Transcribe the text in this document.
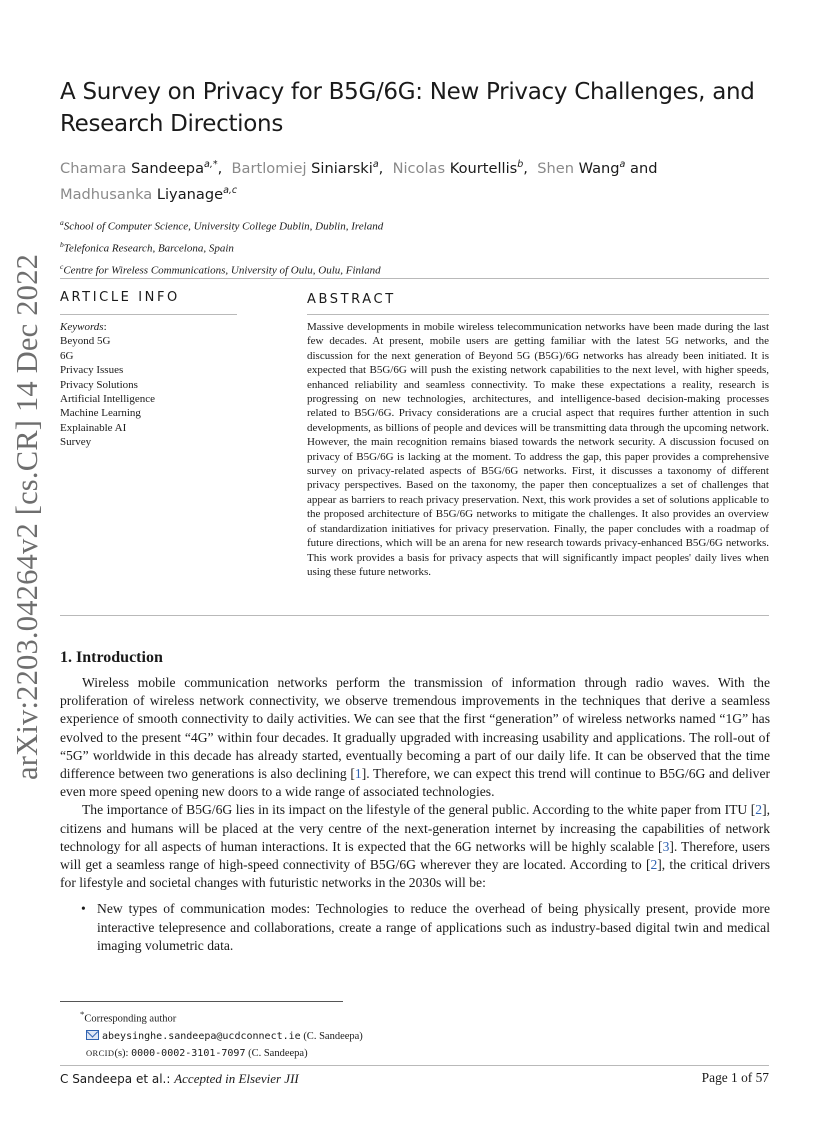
arXiv:2203.04264v2 [cs.CR] 14 Dec 2022
A Survey on Privacy for B5G/6G: New Privacy Challenges, and Research Directions
Chamara Sandeepa$^{a,*}$,  Bartlomiej Siniarski$^a$,  Nicolas Kourtellis$^b$,  Shen Wang$^a$ and
Madhusanka Liyanage$^{a,c}$
$^a$School of Computer Science, University College Dublin, Dublin, Ireland
$^b$Telefonica Research, Barcelona, Spain
$^c$Centre for Wireless Communications, University of Oulu, Oulu, Finland
ARTICLE INFO
Keywords:
Beyond 5G
6G
Privacy Issues
Privacy Solutions
Artificial Intelligence
Machine Learning
Explainable AI
Survey
ABSTRACT
Massive developments in mobile wireless telecommunication networks have been made during the last few decades. At present, mobile users are getting familiar with the latest 5G networks, and the discussion for the next generation of Beyond 5G (B5G)/6G networks has already been initiated. It is expected that B5G/6G will push the existing network capabilities to the next level, with higher speeds, enhanced reliability and seamless connectivity. To make these expectations a reality, research is progressing on new technologies, architectures, and intelligence-based decision-making processes related to B5G/6G. Privacy considerations are a crucial aspect that requires further attention in such developments, as billions of people and devices will be transmitting data through the upcoming network. However, the main recognition remains biased towards the network security. A discussion focused on privacy of B5G/6G is lacking at the moment. To address the gap, this paper provides a comprehensive survey on privacy-related aspects of B5G/6G networks. First, it discusses a taxonomy of different privacy perspectives. Based on the taxonomy, the paper then conceptualizes a set of challenges that appear as barriers to reach privacy preservation. Next, this work provides a set of solutions applicable to the proposed architecture of B5G/6G networks to mitigate the challenges. It also provides an overview of standardization initiatives for privacy preservation. Finally, the paper concludes with a roadmap of future directions, which will be an arena for new research towards privacy-enhanced B5G/6G networks. This work provides a basis for privacy aspects that will significantly impact peoples' daily lives when using these future networks.
1. Introduction

Wireless mobile communication networks perform the transmission of information through radio waves. With the proliferation of wireless network connectivity, we observe tremendous improvements in the techniques that derive a seamless experience of smooth connectivity to daily activities. We can see that the first “generation” of wireless networks named “1G” has evolved to the present “4G” within four decades. It gradually upgraded with increasing usability and applications. The roll-out of “5G” worldwide in this decade has already started, eventually becoming a part of our daily life. It can be observed that the time difference between two generations is also declining [1]. Therefore, we can expect this trend will continue to B5G/6G and deliver even more speed opening new doors to a wide range of associated technologies.

The importance of B5G/6G lies in its impact on the lifestyle of the general public. According to the white paper from ITU [2], citizens and humans will be placed at the very centre of the next-generation internet by increasing the capabilities of network technology for all aspects of human interactions. It is expected that the 6G networks will be highly scalable [3]. Therefore, users will get a seamless range of high-speed connectivity of B5G/6G wherever they are located. According to [2], the critical drivers for lifestyle and societal changes with futuristic networks in the 2030s will be:

• New types of communication modes: Technologies to reduce the overhead of being physically present, provide more interactive telepresence and collaborations, create a range of applications such as industry-based digital twin and medical imaging volumetric data.
*Corresponding author
abeysinghe.sandeepa@ucdconnect.ie (C. Sandeepa)
ORCID(s): 0000-0002-3101-7097 (C. Sandeepa)
C Sandeepa et al.: Accepted in Elsevier JII	Page 1 of 57
